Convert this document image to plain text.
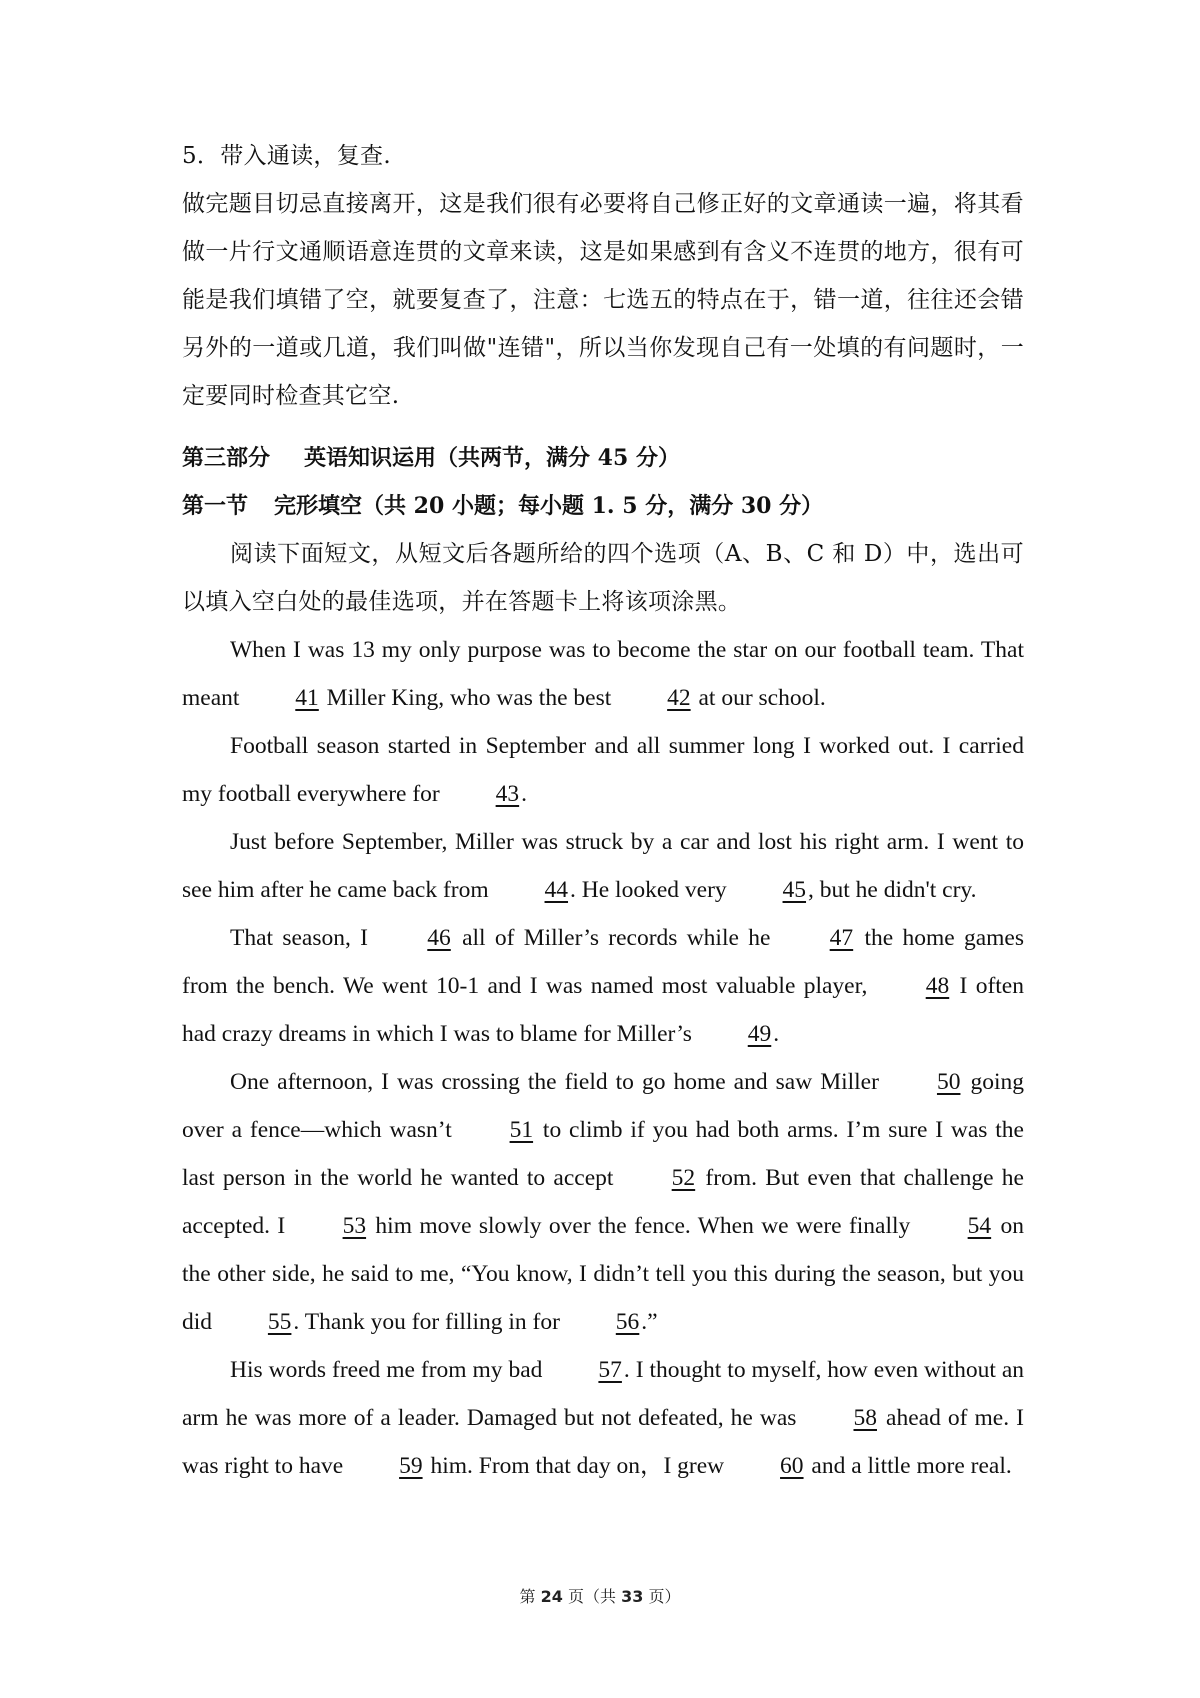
5．带入通读，复查.

做完题目切忌直接离开，这是我们很有必要将自己修正好的文章通读一遍，将其看做一片行文通顺语意连贯的文章来读，这是如果感到有含义不连贯的地方，很有可能是我们填错了空，就要复查了，注意：七选五的特点在于，错一道，往往还会错另外的一道或几道，我们叫做"连错"，所以当你发现自己有一处填的有问题时，一定要同时检查其它空.

第三部分 英语知识运用（共两节，满分 45 分）
第一节 完形填空（共 20 小题；每小题 1. 5 分，满分 30 分）

阅读下面短文，从短文后各题所给的四个选项（A、B、C 和 D）中，选出可以填入空白处的最佳选项，并在答题卡上将该项涂黑。

When I was 13 my only purpose was to become the star on our football team. That meant 41 Miller King, who was the best 42 at our school.

Football season started in September and all summer long I worked out. I carried my football everywhere for 43.

Just before September, Miller was struck by a car and lost his right arm. I went to see him after he came back from 44. He looked very 45, but he didn't cry.

That season, I 46 all of Miller’s records while he 47 the home games from the bench. We went 10-1 and I was named most valuable player, 48 I often had crazy dreams in which I was to blame for Miller’s 49.

One afternoon, I was crossing the field to go home and saw Miller 50 going over a fence—which wasn’t 51 to climb if you had both arms. I’m sure I was the last person in the world he wanted to accept 52 from. But even that challenge he accepted. I 53 him move slowly over the fence. When we were finally 54 on the other side, he said to me, “You know, I didn’t tell you this during the season, but you did 55. Thank you for filling in for 56.”

His words freed me from my bad 57. I thought to myself, how even without an arm he was more of a leader. Damaged but not defeated, he was 58 ahead of me. I was right to have 59 him. From that day on，I grew 60 and a little more real.

第 24 页（共 33 页）
